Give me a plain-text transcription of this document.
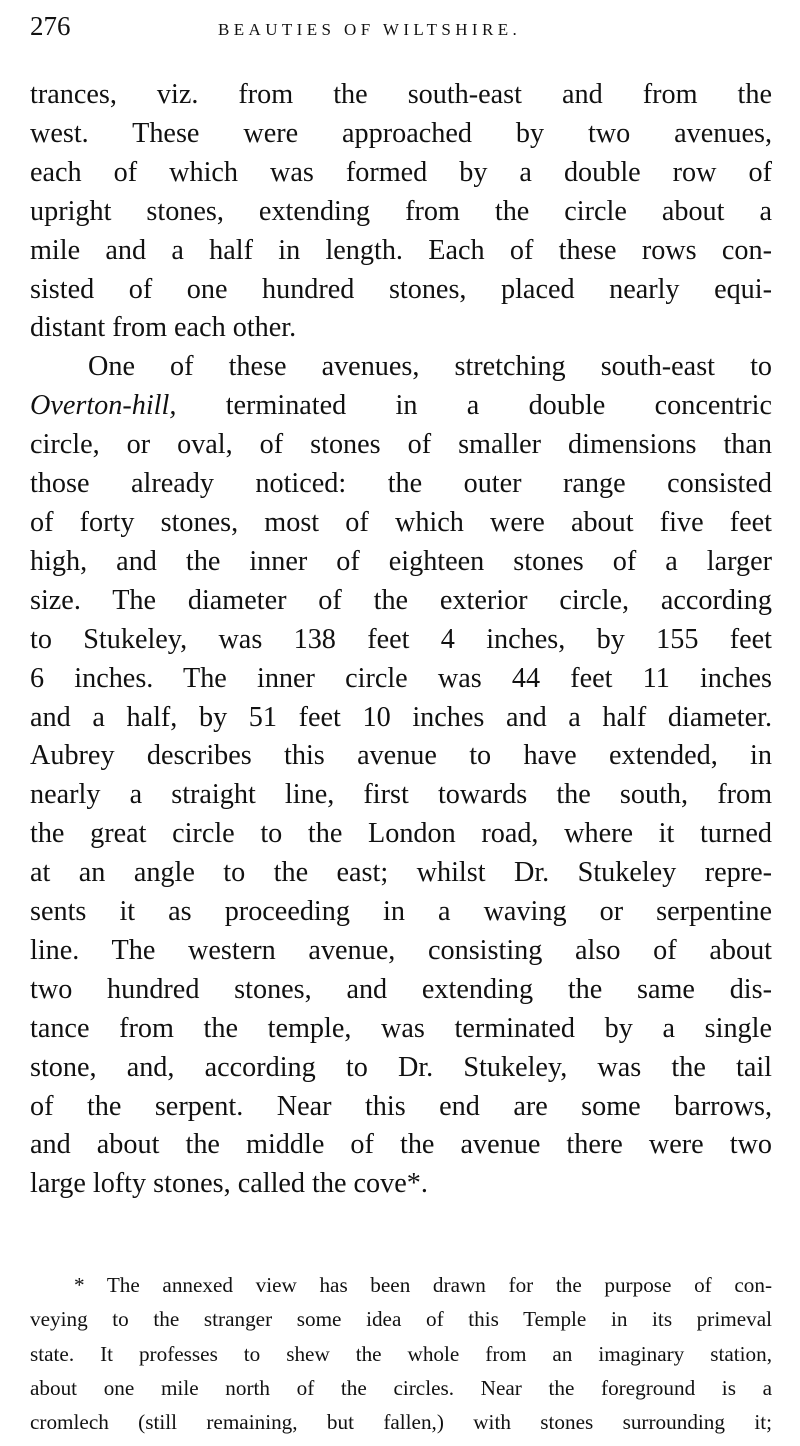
276	BEAUTIES OF WILTSHIRE.
trances, viz. from the south-east and from the
west. These were approached by two avenues,
each of which was formed by a double row of
upright stones, extending from the circle about a
mile and a half in length. Each of these rows con-
sisted of one hundred stones, placed nearly equi-
distant from each other.
One of these avenues, stretching south-east to
Overton-hill, terminated in a double concentric
circle, or oval, of stones of smaller dimensions than
those already noticed: the outer range consisted
of forty stones, most of which were about five feet
high, and the inner of eighteen stones of a larger
size. The diameter of the exterior circle, according
to Stukeley, was 138 feet 4 inches, by 155 feet
6 inches. The inner circle was 44 feet 11 inches
and a half, by 51 feet 10 inches and a half diameter.
Aubrey describes this avenue to have extended, in
nearly a straight line, first towards the south, from
the great circle to the London road, where it turned
at an angle to the east; whilst Dr. Stukeley repre-
sents it as proceeding in a waving or serpentine
line. The western avenue, consisting also of about
two hundred stones, and extending the same dis-
tance from the temple, was terminated by a single
stone, and, according to Dr. Stukeley, was the tail
of the serpent. Near this end are some barrows,
and about the middle of the avenue there were two
large lofty stones, called the cove*.
* The annexed view has been drawn for the purpose of con-
veying to the stranger some idea of this Temple in its primeval
state. It professes to shew the whole from an imaginary station,
about one mile north of the circles. Near the foreground is a
cromlech (still remaining, but fallen,) with stones surrounding it;
